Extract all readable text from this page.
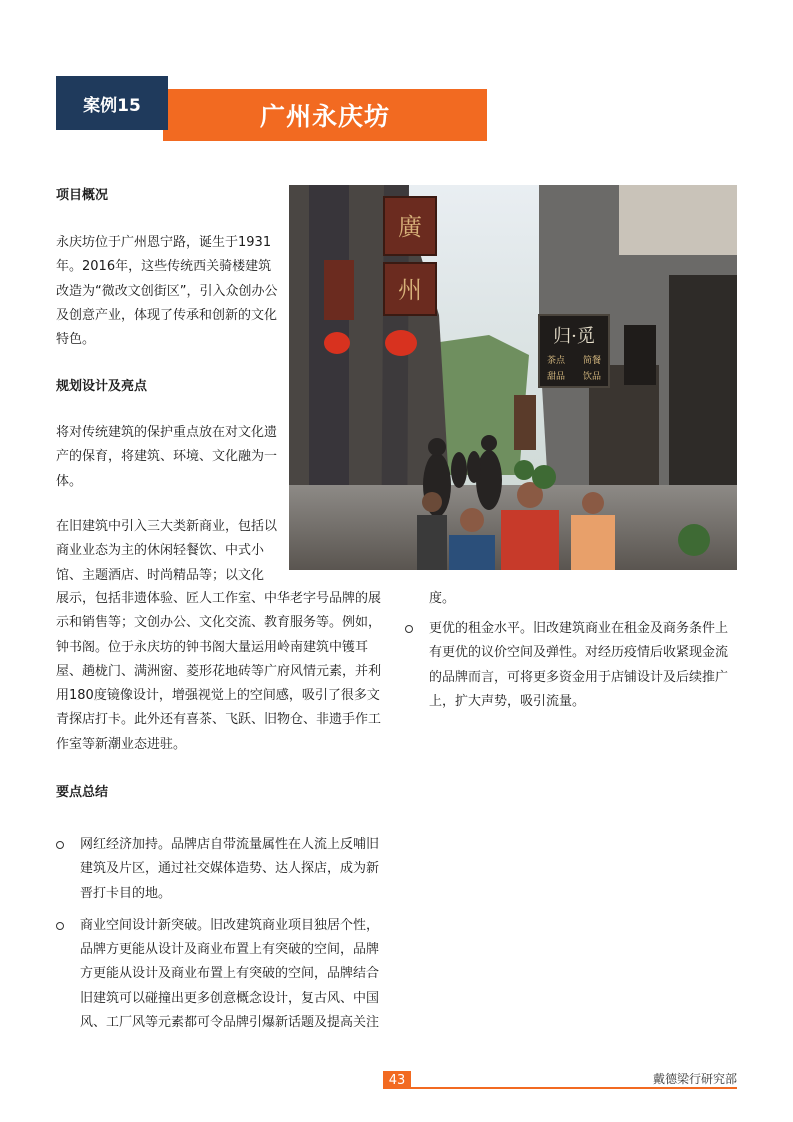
案例15	广州永庆坊
项目概况
永庆坊位于广州恩宁路，诞生于1931年。2016年，这些传统西关骑楼建筑改造为“微改文创街区”，引入众创办公及创意产业，体现了传承和创新的文化特色。
规划设计及亮点
将对传统建筑的保护重点放在对文化遗产的保育，将建筑、环境、文化融为一体。
在旧建筑中引入三大类新商业，包括以商业业态为主的休闲轻餐饮、中式小馆、主题酒店、时尚精品等；以文化
展示，包括非遗体验、匠人工作室、中华老字号品牌的展示和销售等；文创办公、文化交流、教育服务等。例如，钟书阁。位于永庆坊的钟书阁大量运用岭南建筑中镬耳屋、趟栊门、满洲窗、菱形花地砖等广府风情元素，并利用180度镜像设计，增强视觉上的空间感，吸引了很多文青探店打卡。此外还有喜茶、飞跃、旧物仓、非遗手作工作室等新潮业态进驻。
廣
州
归·觅
茶点 简餐
甜品 饮品
要点总结
网红经济加持。品牌店自带流量属性在人流上反哺旧建筑及片区，通过社交媒体造势、达人探店，成为新晋打卡目的地。
商业空间设计新突破。旧改建筑商业项目独居个性，品牌方更能从设计及商业布置上有突破的空间，品牌方更能从设计及商业布置上有突破的空间，品牌结合旧建筑可以碰撞出更多创意概念设计，复古风、中国风、工厂风等元素都可令品牌引爆新话题及提高关注
度。
更优的租金水平。旧改建筑商业在租金及商务条件上有更优的议价空间及弹性。对经历疫情后收紧现金流的品牌而言，可将更多资金用于店铺设计及后续推广上，扩大声势，吸引流量。
43	戴德梁行研究部
